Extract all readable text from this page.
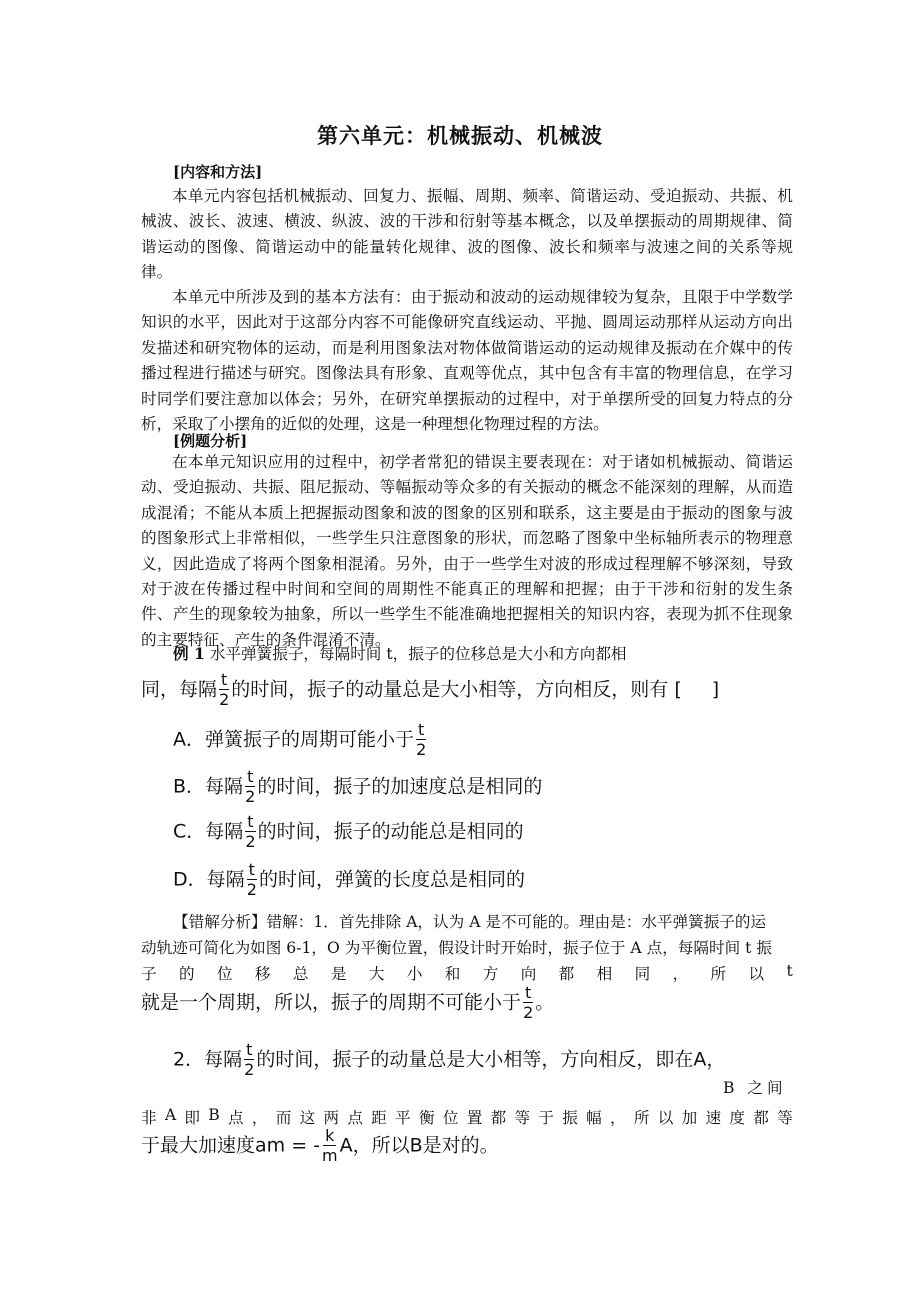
第六单元：机械振动、机械波
[内容和方法]
本单元内容包括机械振动、回复力、振幅、周期、频率、简谐运动、受迫振动、共振、机械波、波长、波速、横波、纵波、波的干涉和衍射等基本概念，以及单摆振动的周期规律、简谐运动的图像、简谐运动中的能量转化规律、波的图像、波长和频率与波速之间的关系等规律。
本单元中所涉及到的基本方法有：由于振动和波动的运动规律较为复杂，且限于中学数学知识的水平，因此对于这部分内容不可能像研究直线运动、平抛、圆周运动那样从运动方向出发描述和研究物体的运动，而是利用图象法对物体做简谐运动的运动规律及振动在介媒中的传播过程进行描述与研究。图像法具有形象、直观等优点，其中包含有丰富的物理信息，在学习时同学们要注意加以体会；另外，在研究单摆振动的过程中，对于单摆所受的回复力特点的分析，采取了小摆角的近似的处理，这是一种理想化物理过程的方法。
[例题分析]
在本单元知识应用的过程中，初学者常犯的错误主要表现在：对于诸如机械振动、简谐运动、受迫振动、共振、阻尼振动、等幅振动等众多的有关振动的概念不能深刻的理解，从而造成混淆；不能从本质上把握振动图象和波的图象的区别和联系，这主要是由于振动的图象与波的图象形式上非常相似，一些学生只注意图象的形状，而忽略了图象中坐标轴所表示的物理意义，因此造成了将两个图象相混淆。另外，由于一些学生对波的形成过程理解不够深刻，导致对于波在传播过程中时间和空间的周期性不能真正的理解和把握；由于干涉和衍射的发生条件、产生的现象较为抽象，所以一些学生不能准确地把握相关的知识内容，表现为抓不住现象的主要特征、产生的条件混淆不清。
例 1 水平弹簧振子，每隔时间 t，振子的位移总是大小和方向都相
同，每隔 $\frac{t}{2}$ 的时间，振子的动量总是大小相等，方向相反，则有 [ ]
A．弹簧振子的周期可能小于 $\frac{t}{2}$
B．每隔 $\frac{t}{2}$ 的时间，振子的加速度总是相同的
C．每隔 $\frac{t}{2}$ 的时间，振子的动能总是相同的
D．每隔 $\frac{t}{2}$ 的时间，弹簧的长度总是相同的
【错解分析】错解：1．首先排除 A，认为 A 是不可能的。理由是：水平弹簧振子的运
动轨迹可简化为如图 6-1，O 为平衡位置，假设计时开始时，振子位于 A 点，每隔时间 t 振
子 的 位 移 总 是 大 小 和 方 向 都 相 同 ， 所 以 t
就是一个周期，所以，振子的周期不可能小于 $\frac{t}{2}$ 。
2．每隔 $\frac{t}{2}$ 的时间，振子的动量总是大小相等，方向相反，即在A，
B 之间
非 A 即 B 点 ， 而 这 两 点 距 平 衡 位 置 都 等 于 振 幅 ， 所 以 加 速 度 都 等
于最大加速度am = - $\frac{k}{m}$ A，所以B是对的。
